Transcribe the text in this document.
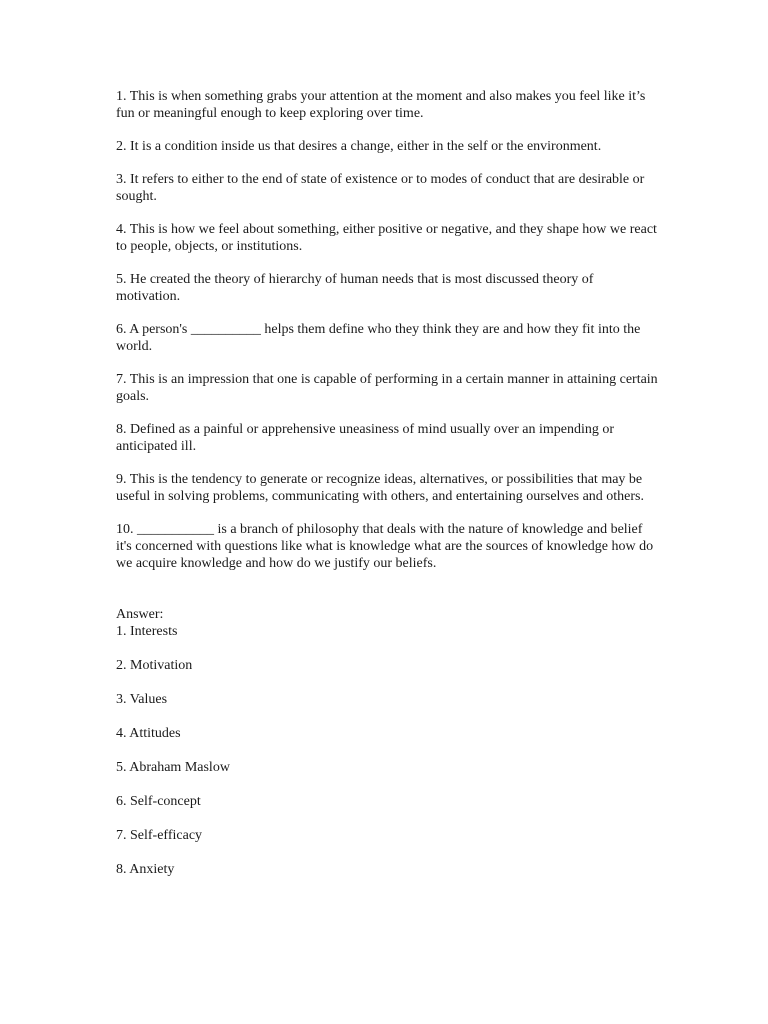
1. This is when something grabs your attention at the moment and also makes you feel like it’s fun or meaningful enough to keep exploring over time.

2. It is a condition inside us that desires a change, either in the self or the environment.

3. It refers to either to the end of state of existence or to modes of conduct that are desirable or sought.

4. This is how we feel about something, either positive or negative, and they shape how we react to people, objects, or institutions.

5. He created the theory of hierarchy of human needs that is most discussed theory of motivation.

6. A person's __________ helps them define who they think they are and how they fit into the world.

7. This is an impression that one is capable of performing in a certain manner in attaining certain goals.

8. Defined as a painful or apprehensive uneasiness of mind usually over an impending or anticipated ill.

9. This is the tendency to generate or recognize ideas, alternatives, or possibilities that may be useful in solving problems, communicating with others, and entertaining ourselves and others.

10. ___________ is a branch of philosophy that deals with the nature of knowledge and belief it's concerned with questions like what is knowledge what are the sources of knowledge how do we acquire knowledge and how do we justify our beliefs.

Answer:

1. Interests

2. Motivation

3. Values

4. Attitudes

5. Abraham Maslow

6. Self-concept

7. Self-efficacy

8. Anxiety
